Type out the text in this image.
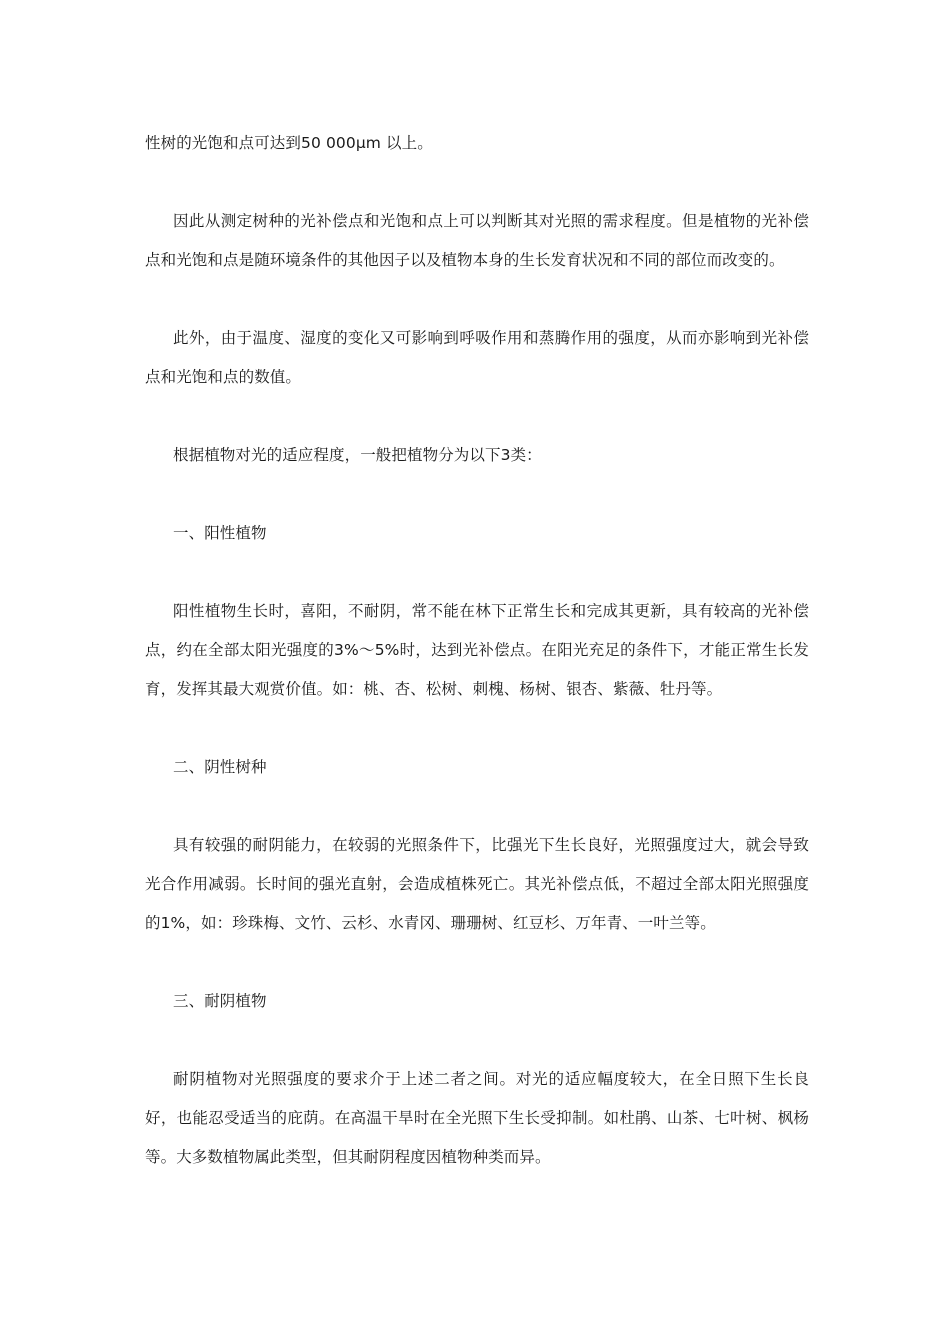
性树的光饱和点可达到50 000μm 以上。

因此从测定树种的光补偿点和光饱和点上可以判断其对光照的需求程度。但是植物的光补偿点和光饱和点是随环境条件的其他因子以及植物本身的生长发育状况和不同的部位而改变的。

此外，由于温度、湿度的变化又可影响到呼吸作用和蒸腾作用的强度，从而亦影响到光补偿点和光饱和点的数值。

根据植物对光的适应程度，一般把植物分为以下3类：

一、阳性植物

阳性植物生长时，喜阳，不耐阴，常不能在林下正常生长和完成其更新，具有较高的光补偿点，约在全部太阳光强度的3%～5%时，达到光补偿点。在阳光充足的条件下，才能正常生长发育，发挥其最大观赏价值。如：桃、杏、松树、刺槐、杨树、银杏、紫薇、牡丹等。

二、阴性树种

具有较强的耐阴能力，在较弱的光照条件下，比强光下生长良好，光照强度过大，就会导致光合作用减弱。长时间的强光直射，会造成植株死亡。其光补偿点低，不超过全部太阳光照强度的1%，如：珍珠梅、文竹、云杉、水青冈、珊珊树、红豆杉、万年青、一叶兰等。

三、耐阴植物

耐阴植物对光照强度的要求介于上述二者之间。对光的适应幅度较大，在全日照下生长良好，也能忍受适当的庇荫。在高温干旱时在全光照下生长受抑制。如杜鹃、山茶、七叶树、枫杨等。大多数植物属此类型，但其耐阴程度因植物种类而异。
